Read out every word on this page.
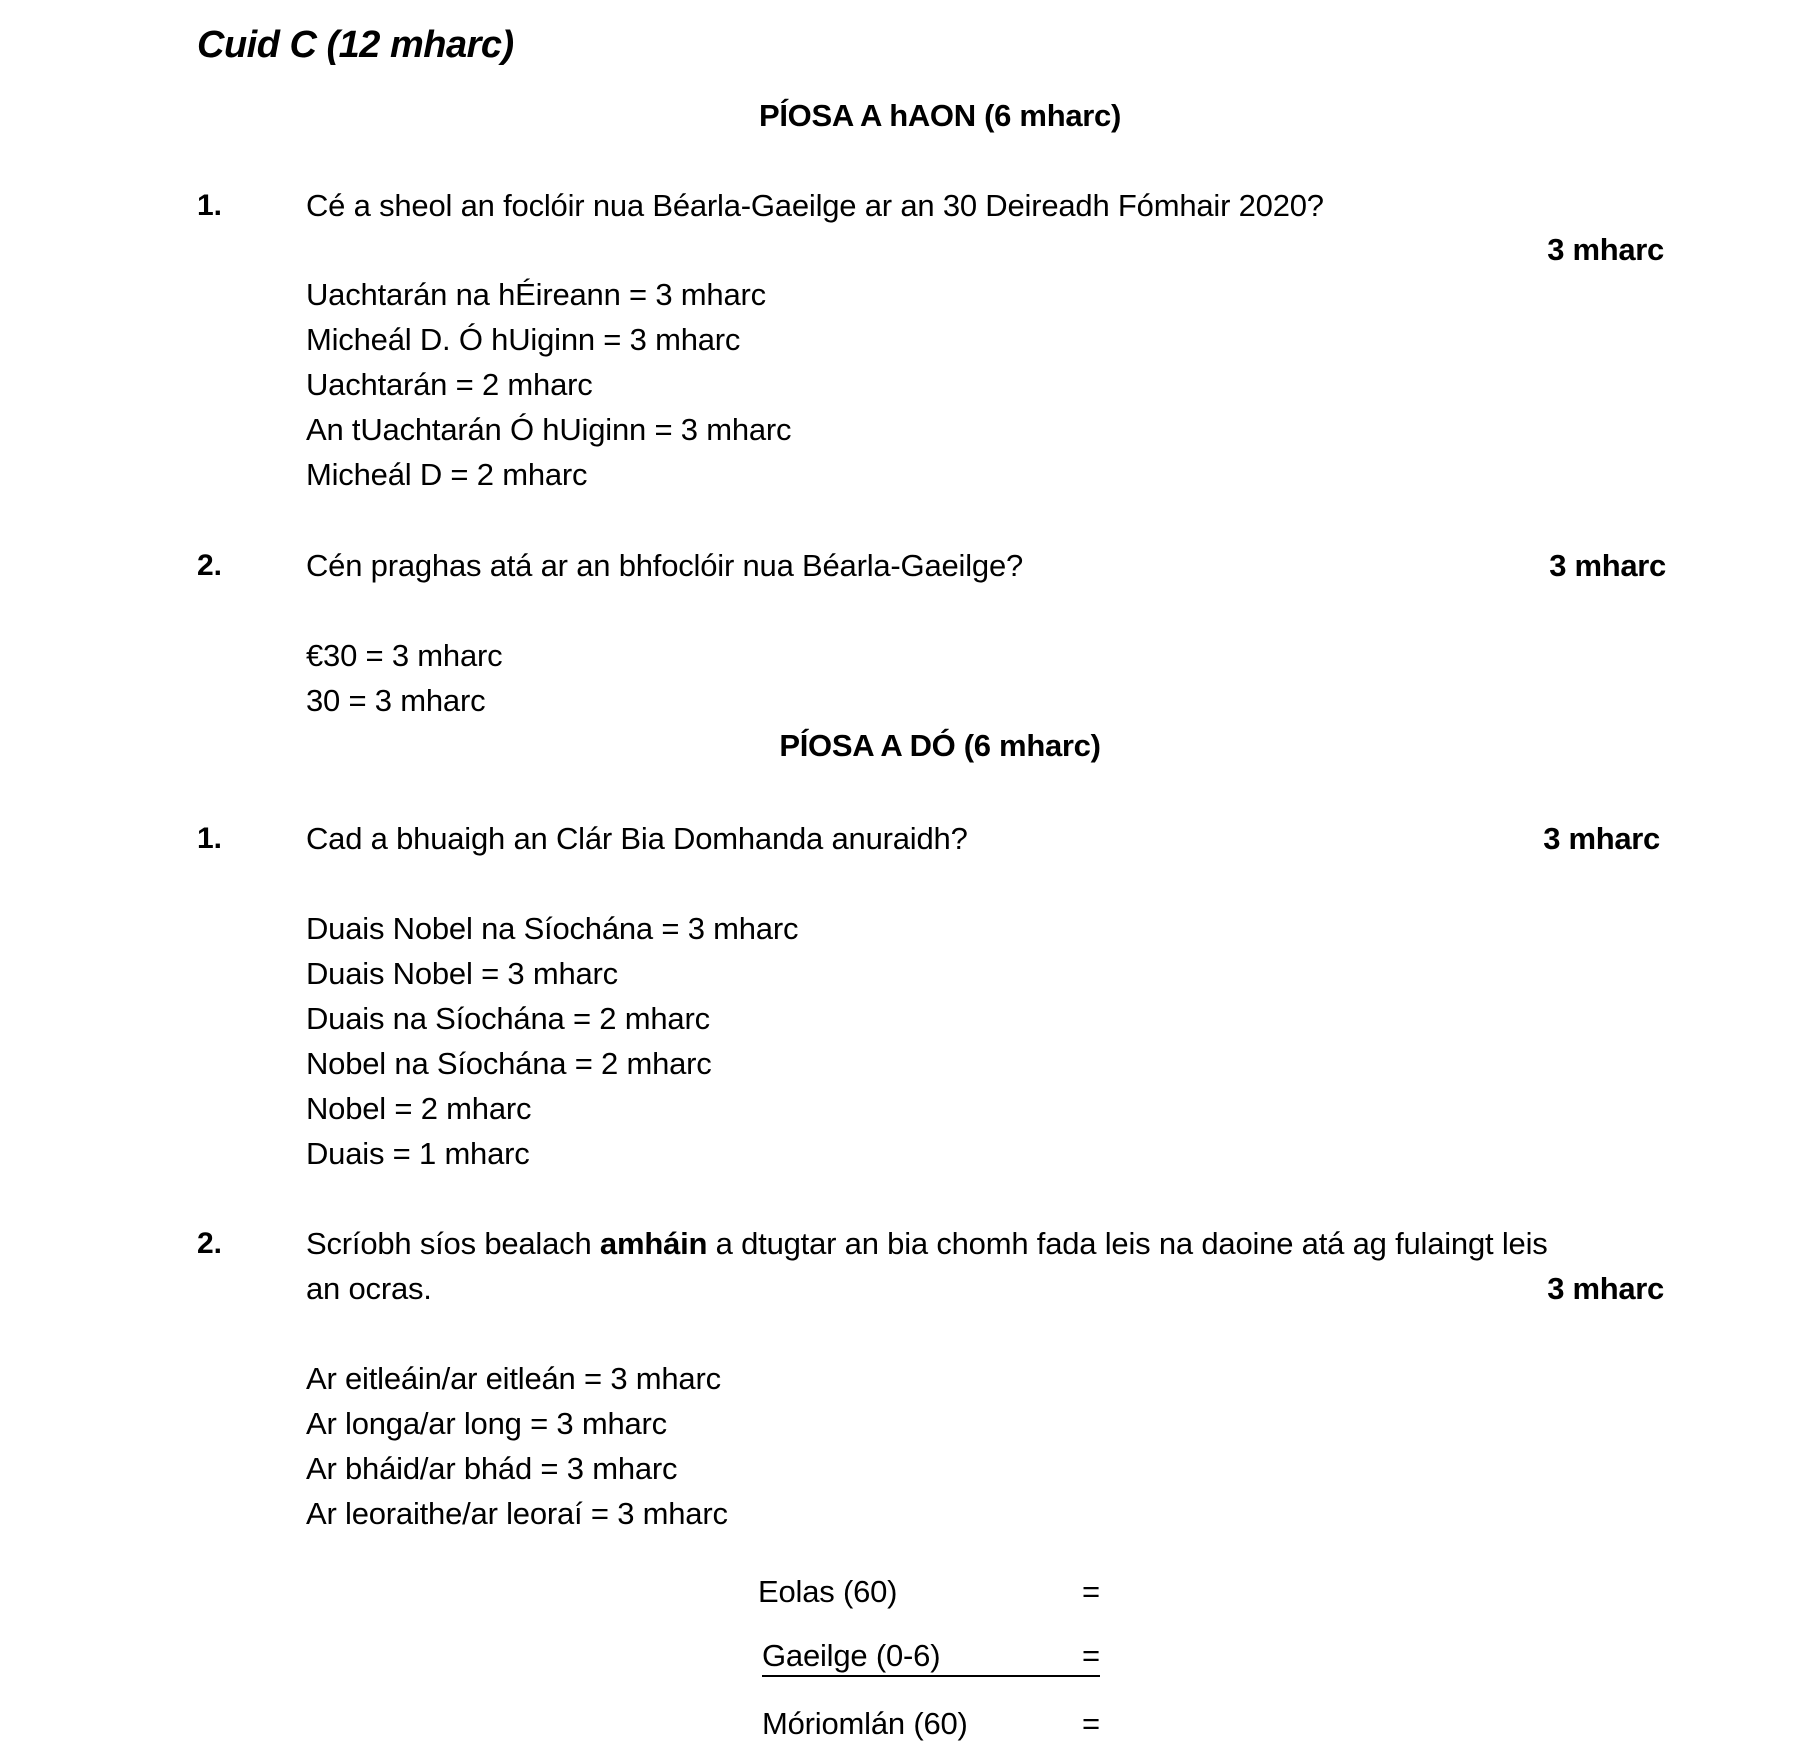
Cuid C (12 mharc)
PÍOSA A hAON (6 mharc)
1.	Cé a sheol an foclóir nua Béarla-Gaeilge ar an 30 Deireadh Fómhair 2020?
3 mharc
Uachtarán na hÉireann = 3 mharc
Micheál D. Ó hUiginn = 3 mharc
Uachtarán = 2 mharc
An tUachtarán Ó hUiginn = 3 mharc
Micheál D = 2 mharc
2.	Cén praghas atá ar an bhfoclóir nua Béarla-Gaeilge?	3 mharc
€30 = 3 mharc
30 = 3 mharc
PÍOSA A DÓ (6 mharc)
1.	Cad a bhuaigh an Clár Bia Domhanda anuraidh?	3 mharc
Duais Nobel na Síochána = 3 mharc
Duais Nobel = 3 mharc
Duais na Síochána = 2 mharc
Nobel na Síochána = 2 mharc
Nobel = 2 mharc
Duais = 1 mharc
2.	Scríobh síos bealach amháin a dtugtar an bia chomh fada leis na daoine atá ag fulaingt leis
an ocras.	3 mharc
Ar eitleáin/ar eitleán = 3 mharc
Ar longa/ar long = 3 mharc
Ar bháid/ar bhád = 3 mharc
Ar leoraithe/ar leoraí = 3 mharc
Eolas (60)	=
Gaeilge (0-6)	=
Móriomlán (60)	=
